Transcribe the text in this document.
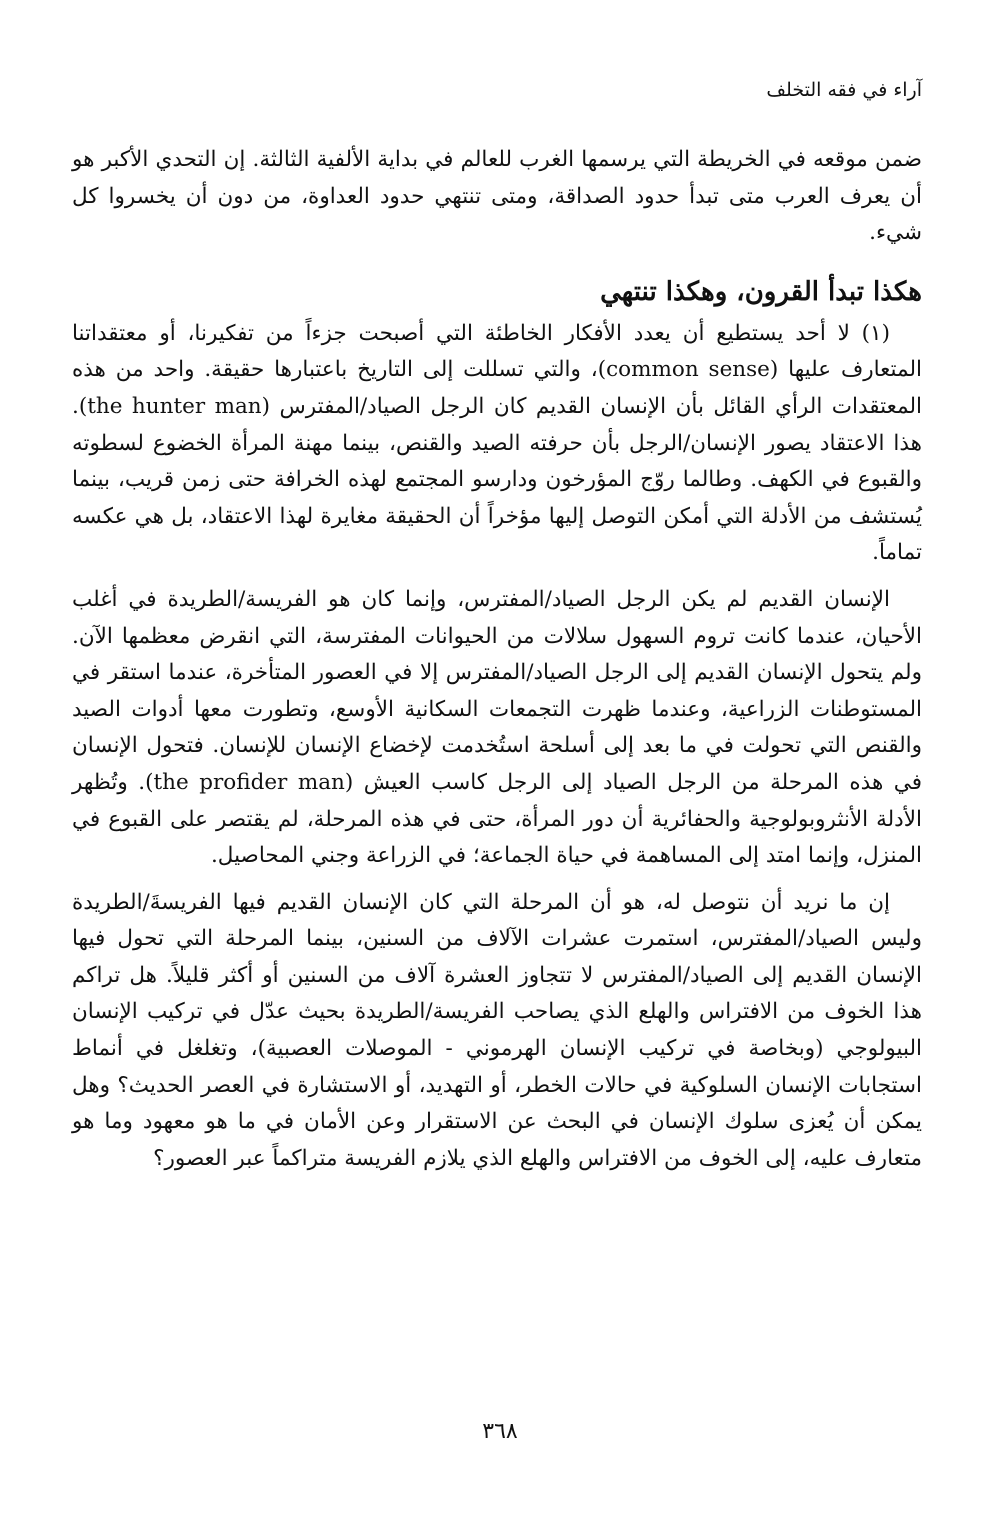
آراء في فقه التخلف

ضمن موقعه في الخريطة التي يرسمها الغرب للعالم في بداية الألفية الثالثة. إن التحدي الأكبر هو أن يعرف العرب متى تبدأ حدود الصداقة، ومتى تنتهي حدود العداوة، من دون أن يخسروا كل شيء.

هكذا تبدأ القرون، وهكذا تنتهي

(١) لا أحد يستطيع أن يعدد الأفكار الخاطئة التي أصبحت جزءاً من تفكيرنا، أو معتقداتنا المتعارف عليها (common sense)، والتي تسللت إلى التاريخ باعتبارها حقيقة. واحد من هذه المعتقدات الرأي القائل بأن الإنسان القديم كان الرجل الصياد/المفترس (the hunter man). هذا الاعتقاد يصور الإنسان/الرجل بأن حرفته الصيد والقنص، بينما مهنة المرأة الخضوع لسطوته والقبوع في الكهف. وطالما روّج المؤرخون ودارسو المجتمع لهذه الخرافة حتى زمن قريب، بينما يُستشف من الأدلة التي أمكن التوصل إليها مؤخراً أن الحقيقة مغايرة لهذا الاعتقاد، بل هي عكسه تماماً.

الإنسان القديم لم يكن الرجل الصياد/المفترس، وإنما كان هو الفريسة/الطريدة في أغلب الأحيان، عندما كانت تروم السهول سلالات من الحيوانات المفترسة، التي انقرض معظمها الآن. ولم يتحول الإنسان القديم إلى الرجل الصياد/المفترس إلا في العصور المتأخرة، عندما استقر في المستوطنات الزراعية، وعندما ظهرت التجمعات السكانية الأوسع، وتطورت معها أدوات الصيد والقنص التي تحولت في ما بعد إلى أسلحة استُخدمت لإخضاع الإنسان للإنسان. فتحول الإنسان في هذه المرحلة من الرجل الصياد إلى الرجل كاسب العيش (the profider man). وتُظهر الأدلة الأنثروبولوجية والحفائرية أن دور المرأة، حتى في هذه المرحلة، لم يقتصر على القبوع في المنزل، وإنما امتد إلى المساهمة في حياة الجماعة؛ في الزراعة وجني المحاصيل.

إن ما نريد أن نتوصل له، هو أن المرحلة التي كان الإنسان القديم فيها الفريسةَ/الطريدة وليس الصياد/المفترس، استمرت عشرات الآلاف من السنين، بينما المرحلة التي تحول فيها الإنسان القديم إلى الصياد/المفترس لا تتجاوز العشرة آلاف من السنين أو أكثر قليلاً. هل تراكم هذا الخوف من الافتراس والهلع الذي يصاحب الفريسة/الطريدة بحيث عدّل في تركيب الإنسان البيولوجي (وبخاصة في تركيب الإنسان الهرموني - الموصلات العصبية)، وتغلغل في أنماط استجابات الإنسان السلوكية في حالات الخطر، أو التهديد، أو الاستشارة في العصر الحديث؟ وهل يمكن أن يُعزى سلوك الإنسان في البحث عن الاستقرار وعن الأمان في ما هو معهود وما هو متعارف عليه، إلى الخوف من الافتراس والهلع الذي يلازم الفريسة متراكماً عبر العصور؟

٣٦٨
